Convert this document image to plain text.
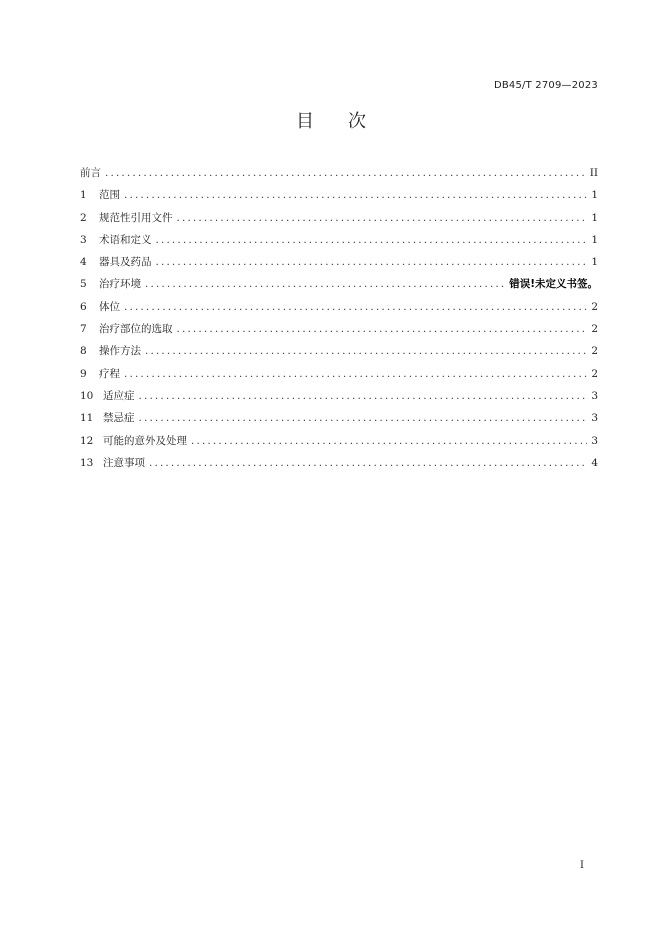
DB45/T 2709—2023
目次
前言 . . .	II
1	范围 . . .	1
2	规范性引用文件 . . .	1
3	术语和定义 . . .	1
4	器具及药品 . . .	1
5	治疗环境 . . .	错误!未定义书签。
6	体位 . . .	2
7	治疗部位的选取 . . .	2
8	操作方法 . . .	2
9	疗程 . . .	2
10 适应症 . . .	3
11 禁忌症 . . .	3
12 可能的意外及处理 . . .	3
13 注意事项 . . .	4
I
